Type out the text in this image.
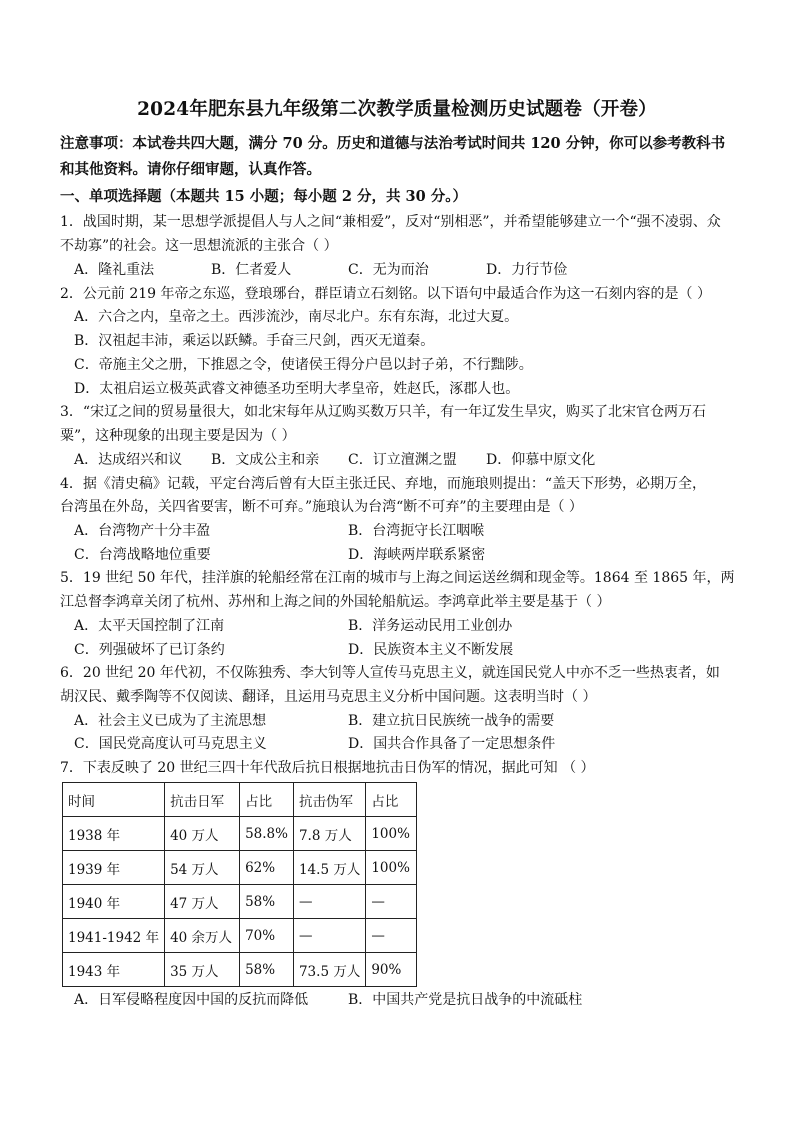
2024年肥东县九年级第二次教学质量检测历史试题卷（开卷）
注意事项：本试卷共四大题，满分 70 分。历史和道德与法治考试时间共 120 分钟，你可以参考教科书和其他资料。请你仔细审题，认真作答。
一、单项选择题（本题共 15 小题；每小题 2 分，共 30 分。）
1．战国时期，某一思想学派提倡人与人之间“兼相爱”，反对“别相恶”，并希望能够建立一个“强不凌弱、众
不劫寡”的社会。这一思想流派的主张合（ ）
A．隆礼重法	B．仁者爱人	C．无为而治	D．力行节俭
2．公元前 219 年帝之东巡，登琅琊台，群臣请立石刻铭。以下语句中最适合作为这一石刻内容的是（ ）
A．六合之内，皇帝之土。西涉流沙，南尽北户。东有东海，北过大夏。
B．汉祖起丰沛，乘运以跃鳞。手奋三尺剑，西灭无道秦。
C．帝施主父之册，下推恩之令，使诸侯王得分户邑以封子弟，不行黜陟。
D．太祖启运立极英武睿文神德圣功至明大孝皇帝，姓赵氏，涿郡人也。
3．“宋辽之间的贸易量很大，如北宋每年从辽购买数万只羊，有一年辽发生旱灾，购买了北宋官仓两万石
粟”，这种现象的出现主要是因为（ ）
A．达成绍兴和议 B．文成公主和亲 C．订立澶渊之盟 D．仰慕中原文化
4．据《清史稿》记载，平定台湾后曾有大臣主张迁民、弃地，而施琅则提出：“盖天下形势，必期万全，
台湾虽在外岛，关四省要害，断不可弃。”施琅认为台湾“断不可弃”的主要理由是（ ）
A．台湾物产十分丰盈	B．台湾扼守长江咽喉
C．台湾战略地位重要	D．海峡两岸联系紧密
5．19 世纪 50 年代，挂洋旗的轮船经常在江南的城市与上海之间运送丝绸和现金等。1864 至 1865 年，两
江总督李鸿章关闭了杭州、苏州和上海之间的外国轮船航运。李鸿章此举主要是基于（ ）
A．太平天国控制了江南	B．洋务运动民用工业创办
C．列强破坏了已订条约	D．民族资本主义不断发展
6．20 世纪 20 年代初，不仅陈独秀、李大钊等人宣传马克思主义，就连国民党人中亦不乏一些热衷者，如
胡汉民、戴季陶等不仅阅读、翻译，且运用马克思主义分析中国问题。这表明当时（ ）
A．社会主义已成为了主流思想	B．建立抗日民族统一战争的需要
C．国民党高度认可马克思主义	D．国共合作具备了一定思想条件
7．下表反映了 20 世纪三四十年代敌后抗日根据地抗击日伪军的情况，据此可知 （ ）
时间	抗击日军	占比	抗击伪军	占比
1938 年	40 万人	58.8%	7.8 万人	100%
1939 年	54 万人	62%	14.5 万人	100%
1940 年	47 万人	58%	—	—
1941-1942 年	40 余万人	70%	—	—
1943 年	35 万人	58%	73.5 万人	90%
A．日军侵略程度因中国的反抗而降低	B．中国共产党是抗日战争的中流砥柱
